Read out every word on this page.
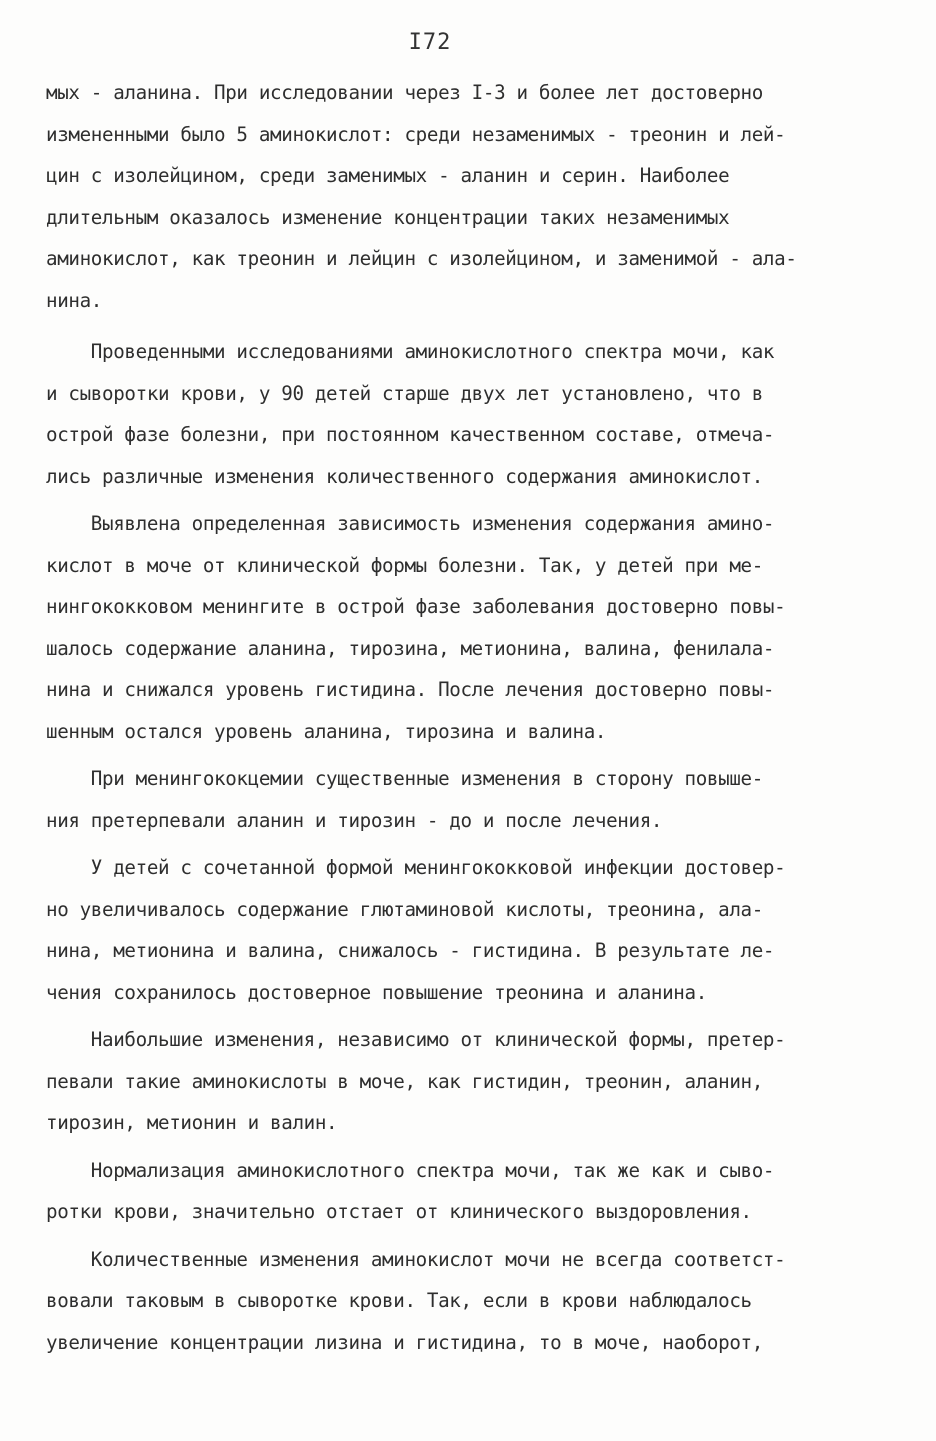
I72
мых - аланина. При исследовании через I-3 и более лет достоверно
измененными было 5 аминокислот: среди незаменимых - треонин и лей-
цин с изолейцином, среди заменимых - аланин и серин. Наиболее
длительным оказалось изменение концентрации таких незаменимых
аминокислот, как треонин и лейцин с изолейцином, и заменимой - ала-
нина.
Проведенными исследованиями аминокислотного спектра мочи, как
и сыворотки крови, у 90 детей старше двух лет установлено, что в
острой фазе болезни, при постоянном качественном составе, отмеча-
лись различные изменения количественного содержания аминокислот.
Выявлена определенная зависимость изменения содержания амино-
кислот в моче от клинической формы болезни. Так, у детей при ме-
нингококковом менингите в острой фазе заболевания достоверно повы-
шалось содержание аланина, тирозина, метионина, валина, фенилала-
нина и снижался уровень гистидина. После лечения достоверно повы-
шенным остался уровень аланина, тирозина и валина.
При менингококцемии существенные изменения в сторону повыше-
ния претерпевали аланин и тирозин - до и после лечения.
У детей с сочетанной формой менингококковой инфекции достовер-
но увеличивалось содержание глютаминовой кислоты, треонина, ала-
нина, метионина и валина, снижалось - гистидина. В результате ле-
чения сохранилось достоверное повышение треонина и аланина.
Наибольшие изменения, независимо от клинической формы, претер-
певали такие аминокислоты в моче, как гистидин, треонин, аланин,
тирозин, метионин и валин.
Нормализация аминокислотного спектра мочи, так же как и сыво-
ротки крови, значительно отстает от клинического выздоровления.
Количественные изменения аминокислот мочи не всегда соответст-
вовали таковым в сыворотке крови. Так, если в крови наблюдалось
увеличение концентрации лизина и гистидина, то в моче, наоборот,
